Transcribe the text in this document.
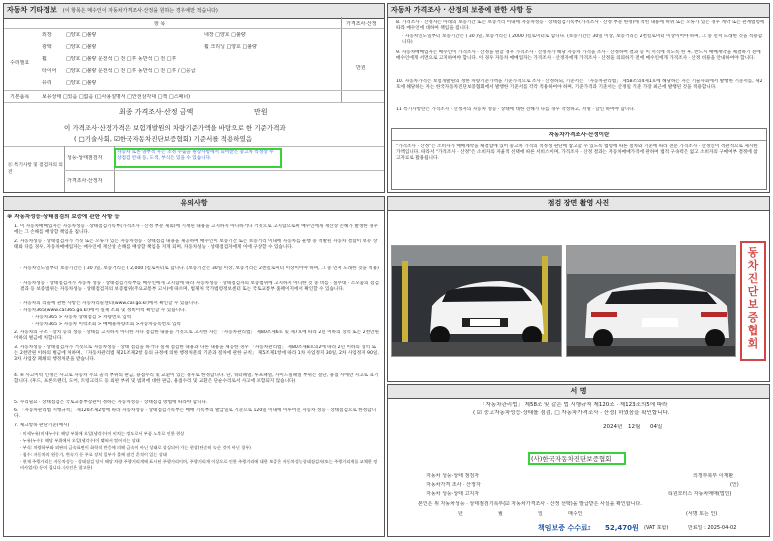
자동차 기타정보 (이 항목은 매수인이 자동차가격조사·산정을 원하는 경우에만 적습니다)
항 목	가격조사·산정
수리필요
외장	□양호 □불량
광택	□양호 □불량
휠	□양호 □불량 운전석 □ 전 □후 동반석 □ 전 □후
타이어 □양호 □불량 운전석 □ 전 □후 동반석 □ 전 □후 / □응급
유리	□양호 □불량
내장 □양호 □불량
휠 크리닝 □양호 □불량
만원
기본품목	보유상태 □있음 □없음 (□사용설명서 □안전삼각대 □잭 □스패너)
최종 가격조사·산정 금액	만원
이 가격조사·산정가격은 보험개발원의 차량기준가액을 바탕으로 한 기준가격과
( □기술사회, ☑한국자동차진단보증협회) 기준서를 적용하였음
⑪ 특기사항 및 점검자의 의견
성능·상태점검자
자동차 토톤 양부적 우는 조정 수출을 원장사항에서 되어받은 중고차 특성상 무상점검 안내 등, 도색, 부식은 있을 수 있습니다.
가격조사·산정자
자동차 가격조사 · 산정의 보증에 관한 사항 등
8. 가격조사 · 산정자는 아래의 보증기간 또는 보증거리 이내에 자동차성능 · 상태점검기록부(가격조사 · 산정 부분 한정)에 적힌 내용에 허위 또는 오류가 있는 경우 계약 또는 관계법령에 따라 매수인에 대하여 책임을 집니다.
· 자동차인도일부터 보증기간은 ( 30 )일, 보증거리는 ( 2000 )킬로미터로 합니다. (보증기간은 30일 이상, 보증거리는 2천킬로미터 이상이어야 하며, 그 중 먼저 도래한 것을 적용합니다)
9. 자동차매매업자는 매수인이 가격조사 · 산정을 원할 경우 가격조사 · 산정자가 해당 자동차 가격을 조사 · 산정하여 결과 등 이 서식에 적도록 한 후, 반드시 매매계약을 체결하기 전에 매수인에게 서면으로 고지하여야 합니다. 이 경우 자동차 매매업자는 가격조사 · 산정자에게 가격조사 · 산정을 의뢰하기 전에 매수인에게 가격조사 · 산정 비용을 안내하여야 합니다.
10. 자동차가격은 보험개발원의 정한 차량기준가액을 기준가격으로 조사 · 산정하되, 기준서는 「자동차관리법」 제58조의4제1호에 해당하는 자는 기술사회에서 발행한 기준서를, 제2호에 해당하는 자는 한국자동차진단보증협회에서 발행한 기준서를 각각 적용하여야 하며, 기준가격과 기준서는 산정일 기준 가장 최근에 발행된 것을 적용합니다.
11 특기사항란은 가격조사 · 산정자의 자동차 성능 · 상태에 대한 견해가 다를 경우 작성하고, 서명 · 날인 하여야 합니다.
자동차가격조사·산정이란
"가격조사 · 산정"은 소비자가 매매계약을 체결함에 있어 중고차 가격의 적정성 판단에 참고할 수 있도록 법령에 따른 절차와 기준에 따라 전문 가격조사 · 산정인이 객관적으로 제시한 가액입니다. 따라서 "가격조사 · 산정"은 소비자의 자율적 선택에 따른 서비스이며, 가격조사 · 산정 결과는 자동차매매가격에 관하여 법적 구속력은 없고 소비자의 구매여부 결정에 참고자료로 활용됩니다.
유의사항
※ 자동차성능·상태점검의 보증에 관한 사항 등
1. 이 자동차매매업자는 자동차성능 · 상태점검기록부(가격조사 · 산정 부분 제외)에 기재된 내용을 고지하지 아니하거나 거짓으로 고지함으로써 매수인에게 재산상 손해가 발생한 경우에는 그 손해를 배상할 책임을 집니다.
2. 자동차성능 · 상태점검자가 거짓 또는 오류가 있는 자동차성능 · 상태점검 내용을 제공하여 매수인이 보증기간 또는 보증거리 이내에 자동차를 운행 중 적발된 자동차 결함이 보유 상태와 다를 경우, 자동차매매업자는 매수인에 재산상 손해를 배상할 책임을 지게 되며, 자동차성능 · 상태점검자에게 이에 구상할 수 있습니다.
· 자동차인도일부터 보증기간은 ( 30 )일, 보증거리는 ( 2,000 )킬로미터로 합니다. (보증기간은 30일 이상, 보증거리는 2천킬로미터 이상이어야 하며, 그 중 먼저 도래한 것을 적용)
· 자동차성능 · 상태점검자가 자동차 성능 · 상태점검기록부를 매수인에게 고지함에 따라 자동차성능 · 상태점검자의 보증범위에 고지하지 아니한 것 중 비를 · 실무대 · 소모품의 점검 결과 등 보증범위는 자동차성능 · 상태점검자의 보증범위(주요교통부 고시)에 따르며, 법제처 국가법령정보센터 또는 국토교통부 홈페이지에서 확인할 수 있습니다.
· 자동차의 리콜에 관한 사항은 자동차리콜센터(www.car.go.kr)에서 확인할 수 있습니다.
· 자동차365(www.car365.go.kr)에서 실제 조회 및 정비이력 확인할 수 있습니다.
· 자동차365 > 자동차 상태점검 > 차량번호 입력
· 자동차365 > 자동차 이력조회 > 매매용차량조회 >자동차등록번호 입력
2. 자동차의 구조 · 장치 등의 성능 · 상태를 고지하지 아니한 자나 점검한 내용을 거짓으로 고지한 자는 「자동차관리법」 제80조제6호 및 제7호에 따라 2년 이하의 징역 또는 2천만원 이하의 벌금에 처합니다.
3. 자동차성능 · 상태점검자가 거짓으로 자동차성능 · 상태 점검을 하거나 실제 점검한 내용과 다른 내용을 제공한 경우 「자동차관리법」 제80조제8호의2에 따라 2년 이하의 징역 또는 2천만원 이하의 벌금에 처하며, 「자동차관리법 제21조제2항 등의 규정에 의한 행정처분의 기준과 절차에 관한 규칙」 제5조제1항에 따라 1차 사업정지 30일, 2차 사업정지 90일, 3차 사업장 폐쇄의 행정처분을 받습니다.
4. ⑥ 사고이력 인정은 사고로 자동차 주요 골격 부위의 판금, 용접수리 및 교환이 있는 경우로 한정합니다. 단, 쿼터패널, 루프패널, 사이드실패널 부위는 절단, 용접 시에만 사고로 표기합니다. (후드, 프론트펜더, 도어, 트렁크리드 등 외판 부위 및 범퍼에 대한 판금, 용접수리 및 교환은 단순수리로서 사고에 포함되지 않습니다)
5. 수리필요 · 상태점검은 국토교통부장관이 정하는 자동차성능 · 상태점검 방법에 따라야 합니다.
6. 「자동차관리법 시행규칙」 제120조제2항에 따라 자동차성능 · 상태점검기록부는 매매 기록부의 발급일로 기준으로 120일 이내에 이루어진 자동차 성능 · 상태점검으로 한정합니다.
7. 체크항목 판단기준(예시)
· 미세누유(미세누수): 해당 부위에 오일(냉각수)이 비치는 정도로서 부품 노후로 인한 현상
· 누유(누수): 해당 부위에서 오일(냉각수)이 맺혀서 떨어지는 상태
· 부식: 차량하부와 외판의 금속표면이 화학적 반응에 의해 금속이 아닌 상태로 상실되어 가는 현상(단순히 녹슨 것이 아닌 경우)
· 침수: 자동차의 원동기, 변속기 등 주요 장치 일부가 물에 잠긴 흔적이 있는 상태
· 현재 주행거리는 자동차성능 · 상태점검 당시 해당 차량 주행거리계에 표시된 주행거리이며, 주행거리계 이상으로 인한 주행거리에 대한 보증은 자동차성능상태점검자(또는 주행거리계를 교체한 정비사업자) 등이 집니다. (사진은 참고용)
점검 장면 촬영 사진
동차진단보증협회
서 명
「자동차관리법」 제58조 및 같은 법 시행규칙 제120조 · 제123조의5에 따라
( ☑ 중고자동차성능·상태를 점검, □ 자동차가격조사 · 산정) 하였음을 확인합니다.
2024년 12월 04일
(사)한국자동차진단보증협회
자동차 성능·상태 점검자	의정부북부 이재환
자동차가격 조사 · 산정자	(인)
자동차 성능·상태 고지자	티원모터스 자동차매매(법인)
본인은 위 자동차성능 · 상태점검기록부(☑ 자동차가격조사 · 산정 선택)을 발급받은 사실을 확인합니다.
년	월	일	매수인	(서명 또는 인)
책임보증 수수료: 52,470원 (VAT 포함)	만료일 : 2025-04-02
